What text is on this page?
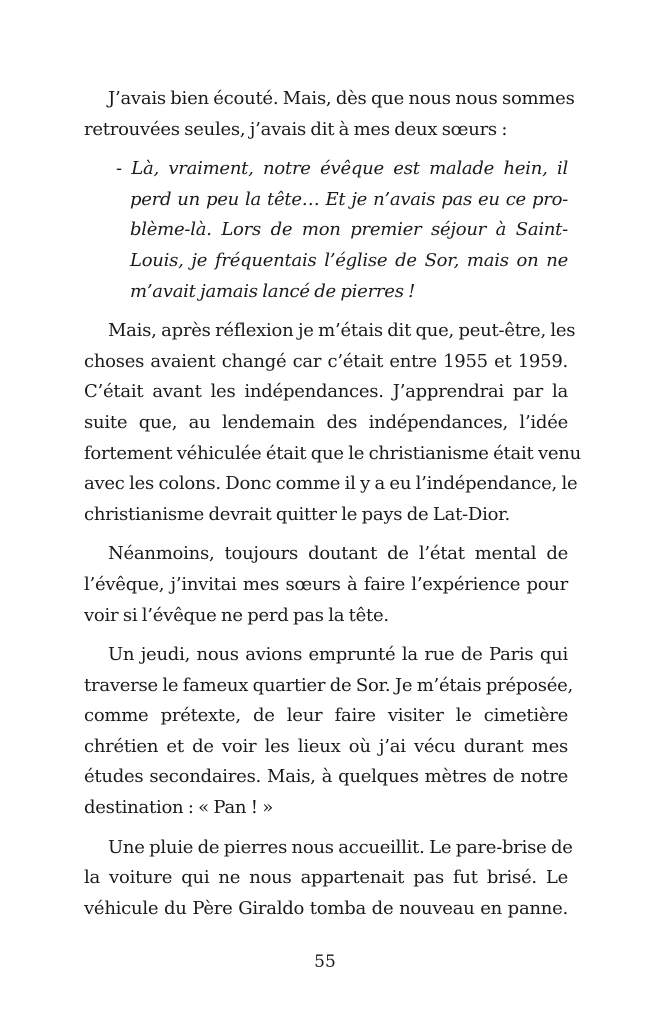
J’avais bien écouté. Mais, dès que nous nous sommes
retrouvées seules, j’avais dit à mes deux sœurs :
- Là, vraiment, notre évêque est malade hein, il
perd un peu la tête… Et je n’avais pas eu ce pro-
blème-là. Lors de mon premier séjour à Saint-
Louis, je fréquentais l’église de Sor, mais on ne
m’avait jamais lancé de pierres !
Mais, après réflexion je m’étais dit que, peut-être, les
choses avaient changé car c’était entre 1955 et 1959.
C’était avant les indépendances. J’apprendrai par la
suite que, au lendemain des indépendances, l’idée
fortement véhiculée était que le christianisme était venu
avec les colons. Donc comme il y a eu l’indépendance, le
christianisme devrait quitter le pays de Lat-Dior.
Néanmoins, toujours doutant de l’état mental de
l’évêque, j’invitai mes sœurs à faire l’expérience pour
voir si l’évêque ne perd pas la tête.
Un jeudi, nous avions emprunté la rue de Paris qui
traverse le fameux quartier de Sor. Je m’étais préposée,
comme prétexte, de leur faire visiter le cimetière
chrétien et de voir les lieux où j’ai vécu durant mes
études secondaires. Mais, à quelques mètres de notre
destination : « Pan ! »
Une pluie de pierres nous accueillit. Le pare-brise de
la voiture qui ne nous appartenait pas fut brisé. Le
véhicule du Père Giraldo tomba de nouveau en panne.
55
